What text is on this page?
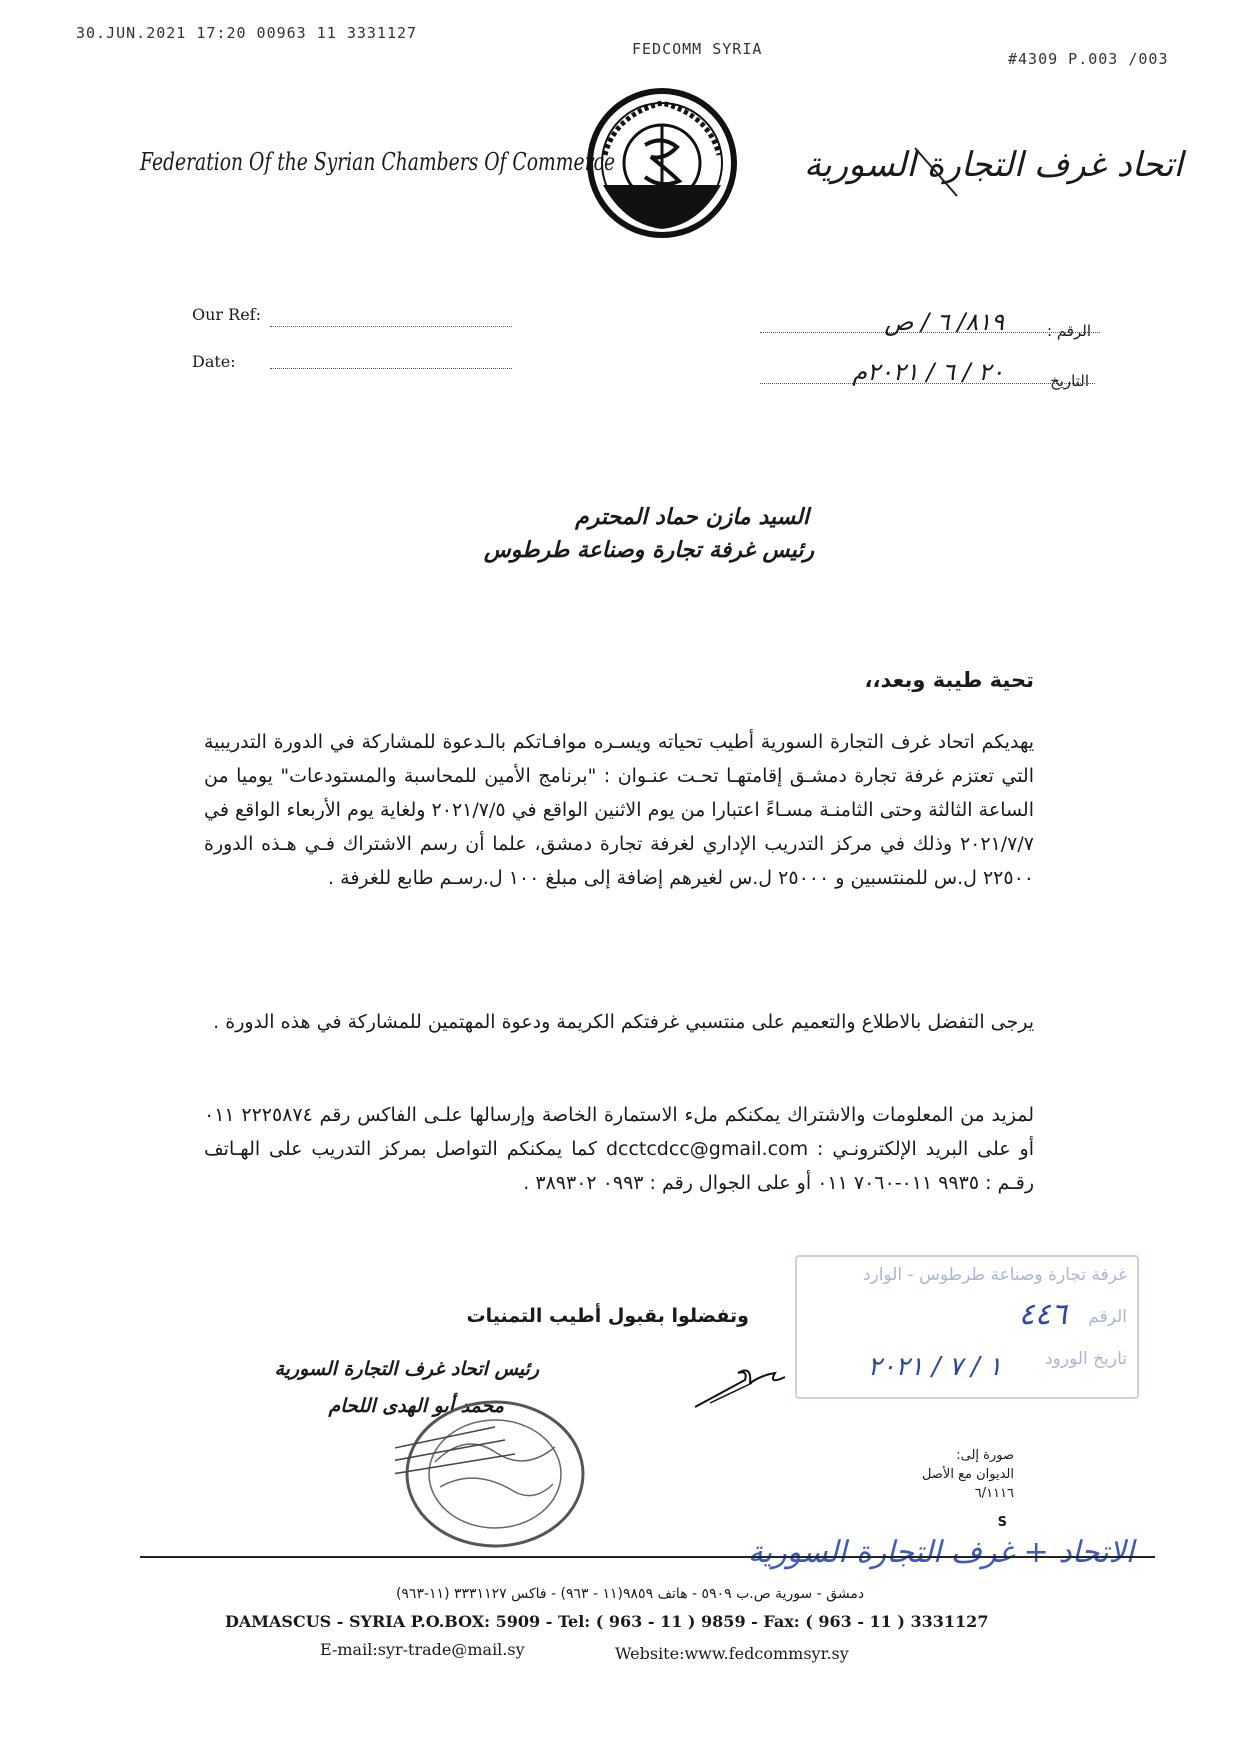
30.JUN.2021 17:20 00963 11 3331127
FEDCOMM SYRIA
#4309 P.003 /003
Federation Of the Syrian Chambers Of Commerce	اتحاد غرف التجارة السورية
Our Ref:
Date:
الرقم :
٨١٩/ ٦ / ص
التاريخ
٢٠ / ٦ / ٢٠٢١م
السيد مازن حماد المحترم
رئيس غرفة تجارة وصناعة طرطوس
تحية طيبة وبعد،،
يهديكم اتحاد غرف التجارة السورية أطيب تحياته ويسـره موافـاتكم بالـدعوة للمشاركة في الدورة التدريبية التي تعتزم غرفة تجارة دمشـق إقامتهـا تحـت عنـوان : "برنامج الأمين للمحاسبة والمستودعات" يوميا من الساعة الثالثة وحتى الثامنـة مسـاءً اعتبارا من يوم الاثنين الواقع في ٢٠٢١/٧/٥ ولغاية يوم الأربعاء الواقع في ٢٠٢١/٧/٧ وذلك في مركز التدريب الإداري لغرفة تجارة دمشق، علما أن رسم الاشتراك فـي هـذه الدورة ٢٢٥٠٠ ل.س للمنتسبين و ٢٥٠٠٠ ل.س لغيرهم إضافة إلى مبلغ ١٠٠ ل.رسـم طابع للغرفة .
يرجى التفضل بالاطلاع والتعميم على منتسبي غرفتكم الكريمة ودعوة المهتمين للمشاركة في هذه الدورة .
لمزيد من المعلومات والاشتراك يمكنكم ملء الاستمارة الخاصة وإرسالها علـى الفاكس رقم ٢٢٢٥٨٧٤ ٠١١ أو على البريد الإلكترونـي : dcctcdcc@gmail.com كما يمكنكم التواصل بمركز التدريب على الهـاتف رقـم : ٩٩٣٥ ٠١١-٧٠٦٠ ٠١١ أو على الجوال رقم : ٠٩٩٣ ٣٨٩٣٠٢ .
وتفضلوا بقبول أطيب التمنيات
رئيس اتحاد غرف التجارة السورية
محمد أبو الهدى اللحام
غرفة تجارة وصناعة طرطوس - الوارد
الرقم
٤٤٦
تاريخ الورود
١ / ٧ / ٢٠٢١
صورة إلى:
الديوان مع الأصل
٦/١١١٦
S
الاتحاد + غرف التجارة السورية
دمشق - سورية ص.ب ٥٩٠٩ - هاتف ٩٨٥٩(١١ - ٩٦٣) - فاكس ٣٣٣١١٢٧ (١١-٩٦٣)
DAMASCUS - SYRIA P.O.BOX: 5909 - Tel: ( 963 - 11 ) 9859 - Fax: ( 963 - 11 ) 3331127
E-mail:syr-trade@mail.sy	Website:www.fedcommsyr.sy
